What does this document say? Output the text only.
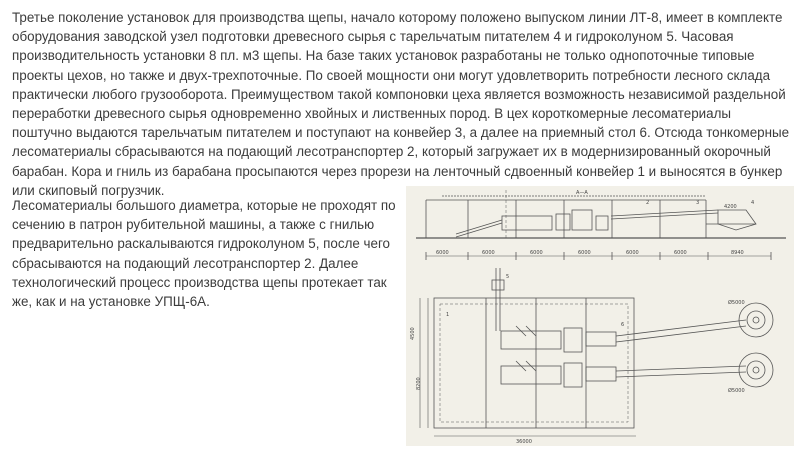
Третье поколение установок для производства щепы, начало которому положено выпуском линии ЛТ-8, имеет в комплекте оборудования заводской узел подготовки древесного сырья с тарельчатым питателем 4 и гидроколуном 5. Часовая производительность установки 8 пл. м3 щепы. На базе таких установок разработаны не только однопоточные типовые проекты цехов, но также и двух-трехпоточные. По своей мощности они могут удовлетворить потребности лесного склада практически любого грузооборота. Преимуществом такой компоновки цеха является возможность независимой раздельной переработки древесного сырья одновременно хвойных и лиственных пород. В цех короткомерные лесоматериалы поштучно выдаются тарельчатым питателем и поступают на конвейер 3, а далее на приемный стол 6. Отсюда тонкомерные лесоматериалы сбрасываются на подающий лесотранспортер 2, который загружает их в модернизированный окорочный барабан. Кора и гниль из барабана просыпаются через прорези на ленточный сдвоенный конвейер 1 и выносятся в бункер или скиповый погрузчик.	А—А
6000	6000	6000	6000	6000	6000	8940
4200
2	3	4
36000
Ø5000
Ø5000
4500
8200
1
5
6

Лесоматериалы большого диаметра, которые не проходят по сечению в патрон рубительной машины, а также с гнилью предварительно раскалываются гидроколуном 5, после чего сбрасываются на подающий лесотранспортер 2. Далее технологический процесс производства щепы протекает так же, как и на установке УПЩ-6А.
